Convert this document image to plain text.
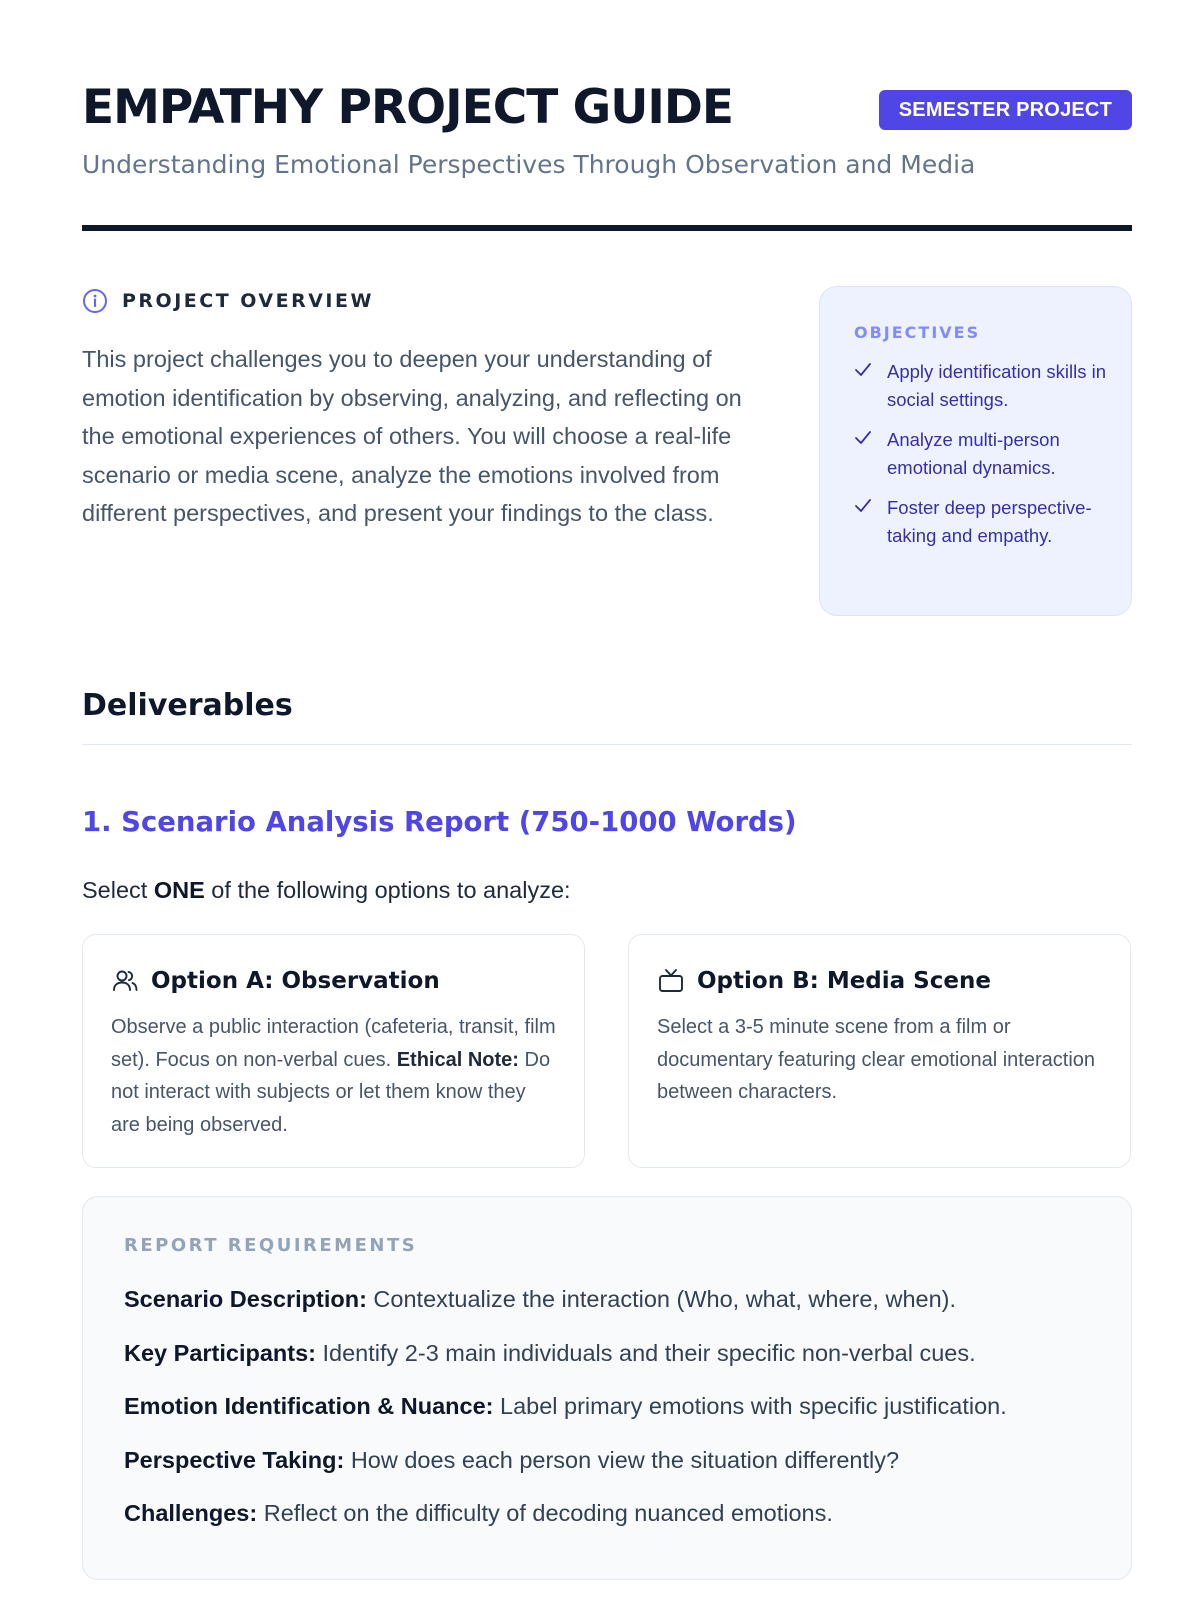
EMPATHY PROJECT GUIDE	SEMESTER PROJECT
Understanding Emotional Perspectives Through Observation and Media
PROJECT OVERVIEW

This project challenges you to deepen your understanding of emotion identification by observing, analyzing, and reflecting on the emotional experiences of others. You will choose a real-life scenario or media scene, analyze the emotions involved from different perspectives, and present your findings to the class.

OBJECTIVES
Apply identification skills in social settings.
Analyze multi-person emotional dynamics.
Foster deep perspective-taking and empathy.
Deliverables
1. Scenario Analysis Report (750-1000 Words)

Select ONE of the following options to analyze:

Option A: Observation

Observe a public interaction (cafeteria, transit, film set). Focus on non-verbal cues. Ethical Note: Do not interact with subjects or let them know they are being observed.

Option B: Media Scene

Select a 3-5 minute scene from a film or documentary featuring clear emotional interaction between characters.

REPORT REQUIREMENTS

Scenario Description: Contextualize the interaction (Who, what, where, when).

Key Participants: Identify 2-3 main individuals and their specific non-verbal cues.

Emotion Identification & Nuance: Label primary emotions with specific justification.

Perspective Taking: How does each person view the situation differently?

Challenges: Reflect on the difficulty of decoding nuanced emotions.
